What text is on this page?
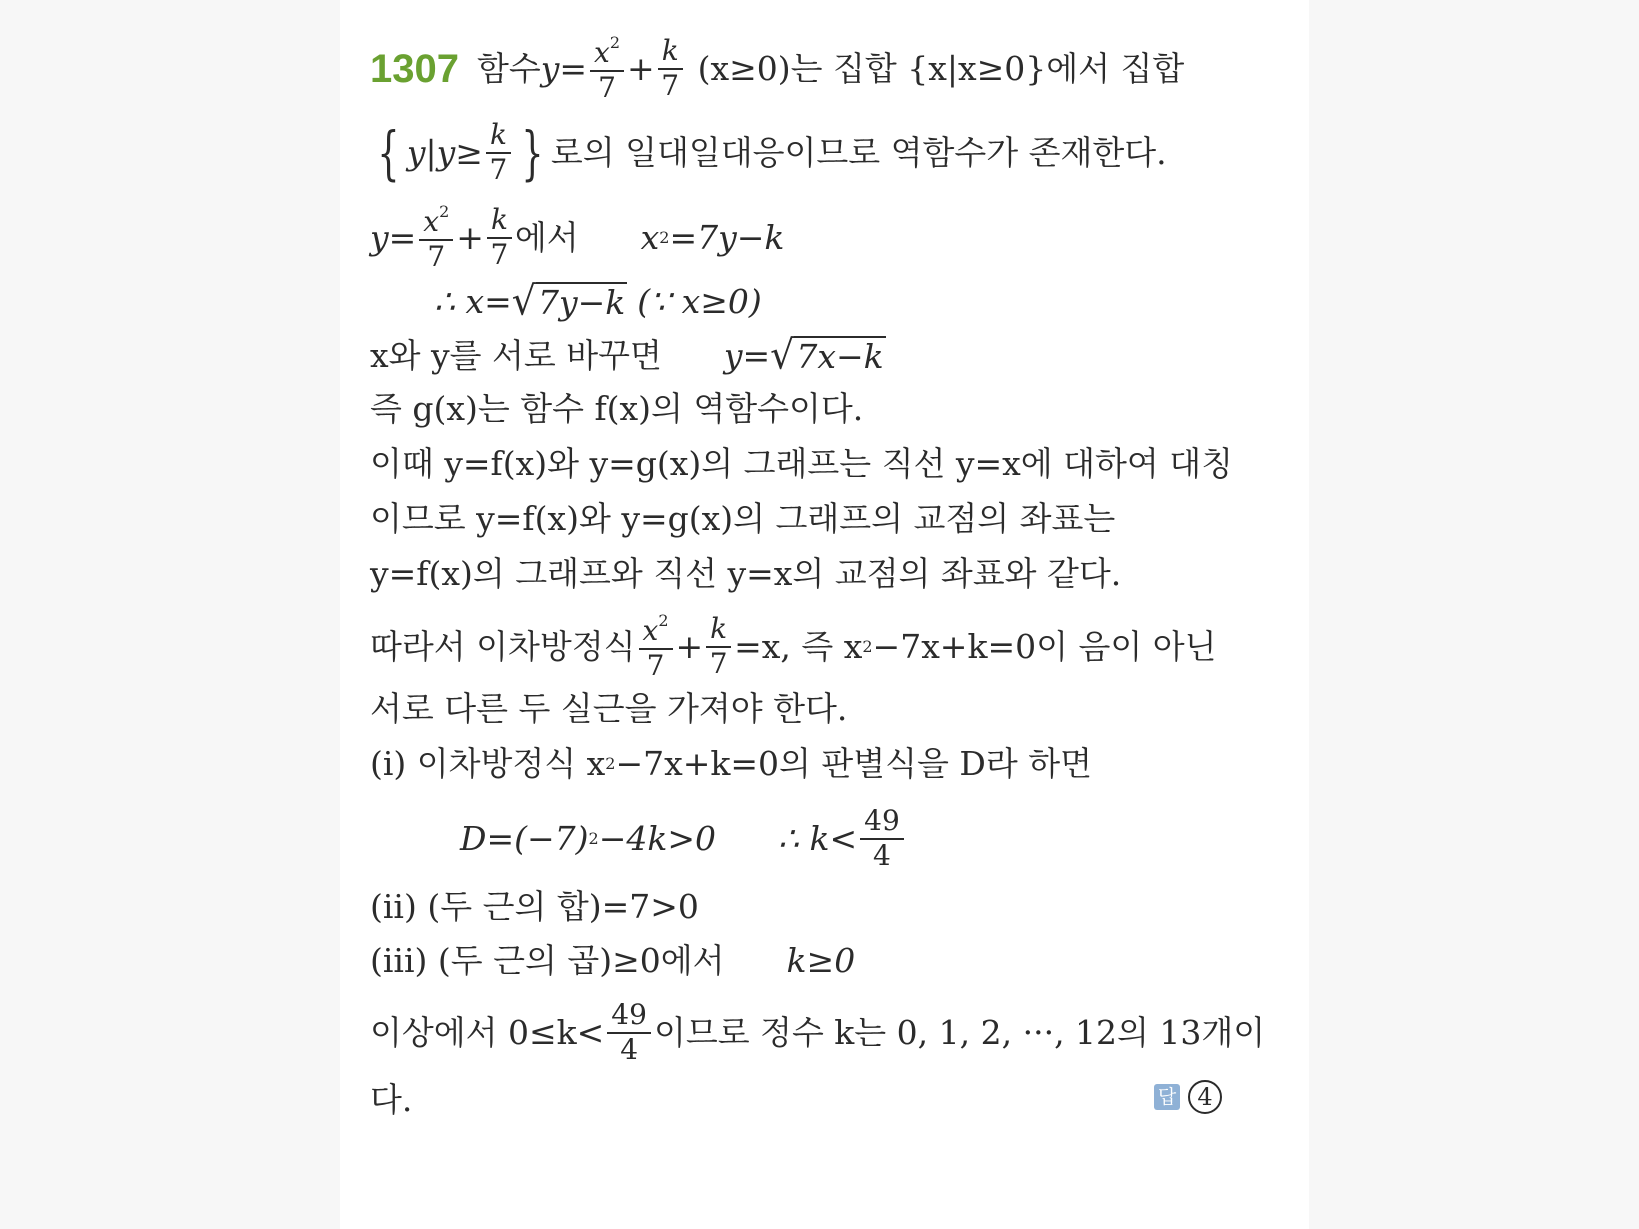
1307 함수 $y= \frac{x^2}{7} + \frac{k}{7} (x\ge 0)$는 집합 {x|x≥0}에서 집합
{ $y|y\ge \frac{k}{7}$ } 로의 일대일대응이므로 역함수가 존재한다.
$y= \frac{x^2}{7} + \frac{k}{7}$ 에서 x 2 =7y−k
∴ x= √ 7y−k (∵ x≥0)
x와 y를 서로 바꾸면 y= √ 7x−k
즉 g(x)는 함수 f(x)의 역함수이다.
이때 y=f(x)와 y=g(x)의 그래프는 직선 y=x에 대하여 대칭
이므로 y=f(x)와 y=g(x)의 그래프의 교점의 좌표는
y=f(x)의 그래프와 직선 y=x의 교점의 좌표와 같다.
따라서 이차방정식 $\frac{x^2}{7} + \frac{k}{7} =x$, 즉 x 2 −7x+k=0이 음이 아닌
서로 다른 두 실근을 가져야 한다.
(i) 이차방정식 x 2 −7x+k=0의 판별식을 D라 하면
D=(−7) 2 −4k>0 ∴ $k< \frac{49}{4}$
(ii) (두 근의 합)=7>0
(iii) (두 근의 곱)≥0에서 k≥0
이상에서 $0\le k< \frac{49}{4}$ 이므로 정수 k는 0, 1, 2, ···, 12의 13개이
다.	답 4
